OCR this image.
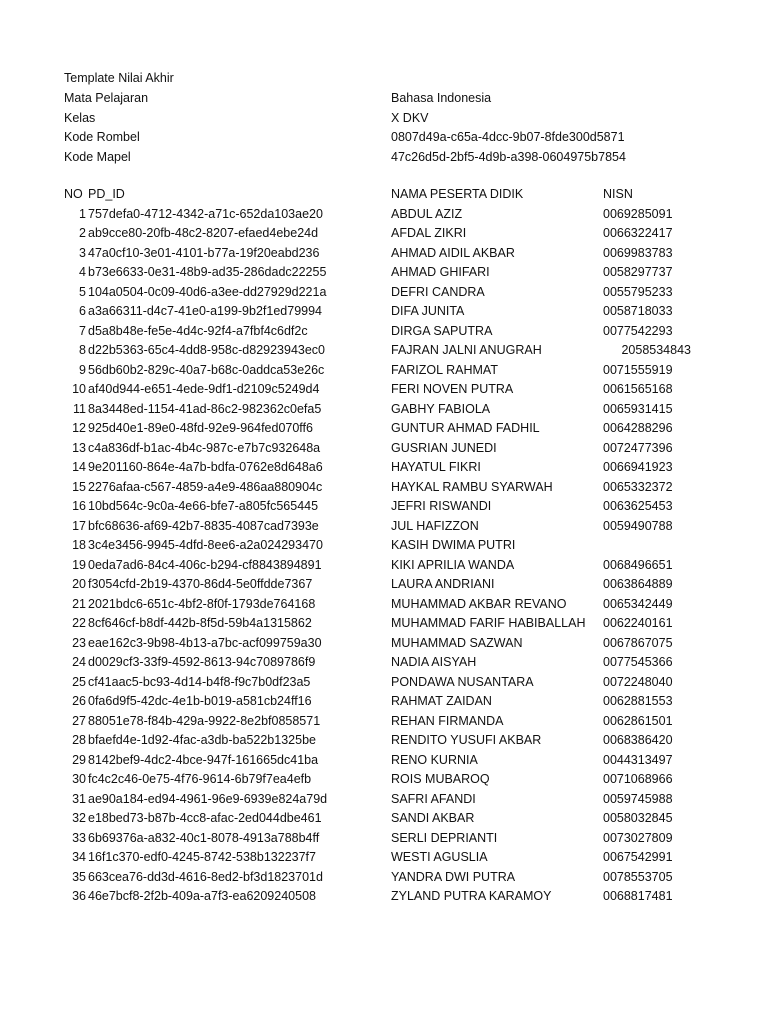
Template Nilai Akhir
Mata Pelajaran	Bahasa Indonesia
Kelas	X DKV
Kode Rombel	0807d49a-c65a-4dcc-9b07-8fde300d5871
Kode Mapel	47c26d5d-2bf5-4d9b-a398-0604975b7854
NO PD_ID	NAMA PESERTA DIDIK	NISN
1 757defa0-4712-4342-a71c-652da103ae20	ABDUL AZIZ	0069285091
2 ab9cce80-20fb-48c2-8207-efaed4ebe24d	AFDAL ZIKRI	0066322417
3 47a0cf10-3e01-4101-b77a-19f20eabd236	AHMAD AIDIL AKBAR	0069983783
4 b73e6633-0e31-48b9-ad35-286dadc22255	AHMAD GHIFARI	0058297737
5 104a0504-0c09-40d6-a3ee-dd27929d221a	DEFRI CANDRA	0055795233
6 a3a66311-d4c7-41e0-a199-9b2f1ed79994	DIFA JUNITA	0058718033
7 d5a8b48e-fe5e-4d4c-92f4-a7fbf4c6df2c	DIRGA SAPUTRA	0077542293
8 d22b5363-65c4-4dd8-958c-d82923943ec0	FAJRAN JALNI ANUGRAH	2058534843
9 56db60b2-829c-40a7-b68c-0addca53e26c	FARIZOL RAHMAT	0071555919
10 af40d944-e651-4ede-9df1-d2109c5249d4	FERI NOVEN PUTRA	0061565168
11 8a3448ed-1154-41ad-86c2-982362c0efa5	GABHY FABIOLA	0065931415
12 925d40e1-89e0-48fd-92e9-964fed070ff6	GUNTUR AHMAD FADHIL	0064288296
13 c4a836df-b1ac-4b4c-987c-e7b7c932648a	GUSRIAN JUNEDI	0072477396
14 9e201160-864e-4a7b-bdfa-0762e8d648a6	HAYATUL FIKRI	0066941923
15 2276afaa-c567-4859-a4e9-486aa880904c	HAYKAL RAMBU SYARWAH	0065332372
16 10bd564c-9c0a-4e66-bfe7-a805fc565445	JEFRI RISWANDI	0063625453
17 bfc68636-af69-42b7-8835-4087cad7393e	JUL HAFIZZON	0059490788
18 3c4e3456-9945-4dfd-8ee6-a2a024293470	KASIH DWIMA PUTRI
19 0eda7ad6-84c4-406c-b294-cf8843894891	KIKI APRILIA WANDA	0068496651
20 f3054cfd-2b19-4370-86d4-5e0ffdde7367	LAURA ANDRIANI	0063864889
21 2021bdc6-651c-4bf2-8f0f-1793de764168	MUHAMMAD AKBAR REVANO	0065342449
22 8cf646cf-b8df-442b-8f5d-59b4a1315862	MUHAMMAD FARIF HABIBALLAH 0062240161
23 eae162c3-9b98-4b13-a7bc-acf099759a30	MUHAMMAD SAZWAN	0067867075
24 d0029cf3-33f9-4592-8613-94c7089786f9	NADIA AISYAH	0077545366
25 cf41aac5-bc93-4d14-b4f8-f9c7b0df23a5	PONDAWA NUSANTARA	0072248040
26 0fa6d9f5-42dc-4e1b-b019-a581cb24ff16	RAHMAT ZAIDAN	0062881553
27 88051e78-f84b-429a-9922-8e2bf0858571	REHAN FIRMANDA	0062861501
28 bfaefd4e-1d92-4fac-a3db-ba522b1325be	RENDITO YUSUFI AKBAR	0068386420
29 8142bef9-4dc2-4bce-947f-161665dc41ba	RENO KURNIA	0044313497
30 fc4c2c46-0e75-4f76-9614-6b79f7ea4efb	ROIS MUBAROQ	0071068966
31 ae90a184-ed94-4961-96e9-6939e824a79d	SAFRI AFANDI	0059745988
32 e18bed73-b87b-4cc8-afac-2ed044dbe461	SANDI AKBAR	0058032845
33 6b69376a-a832-40c1-8078-4913a788b4ff	SERLI DEPRIANTI	0073027809
34 16f1c370-edf0-4245-8742-538b132237f7	WESTI AGUSLIA	0067542991
35 663cea76-dd3d-4616-8ed2-bf3d1823701d	YANDRA DWI PUTRA	0078553705
36 46e7bcf8-2f2b-409a-a7f3-ea6209240508	ZYLAND PUTRA KARAMOY	0068817481
